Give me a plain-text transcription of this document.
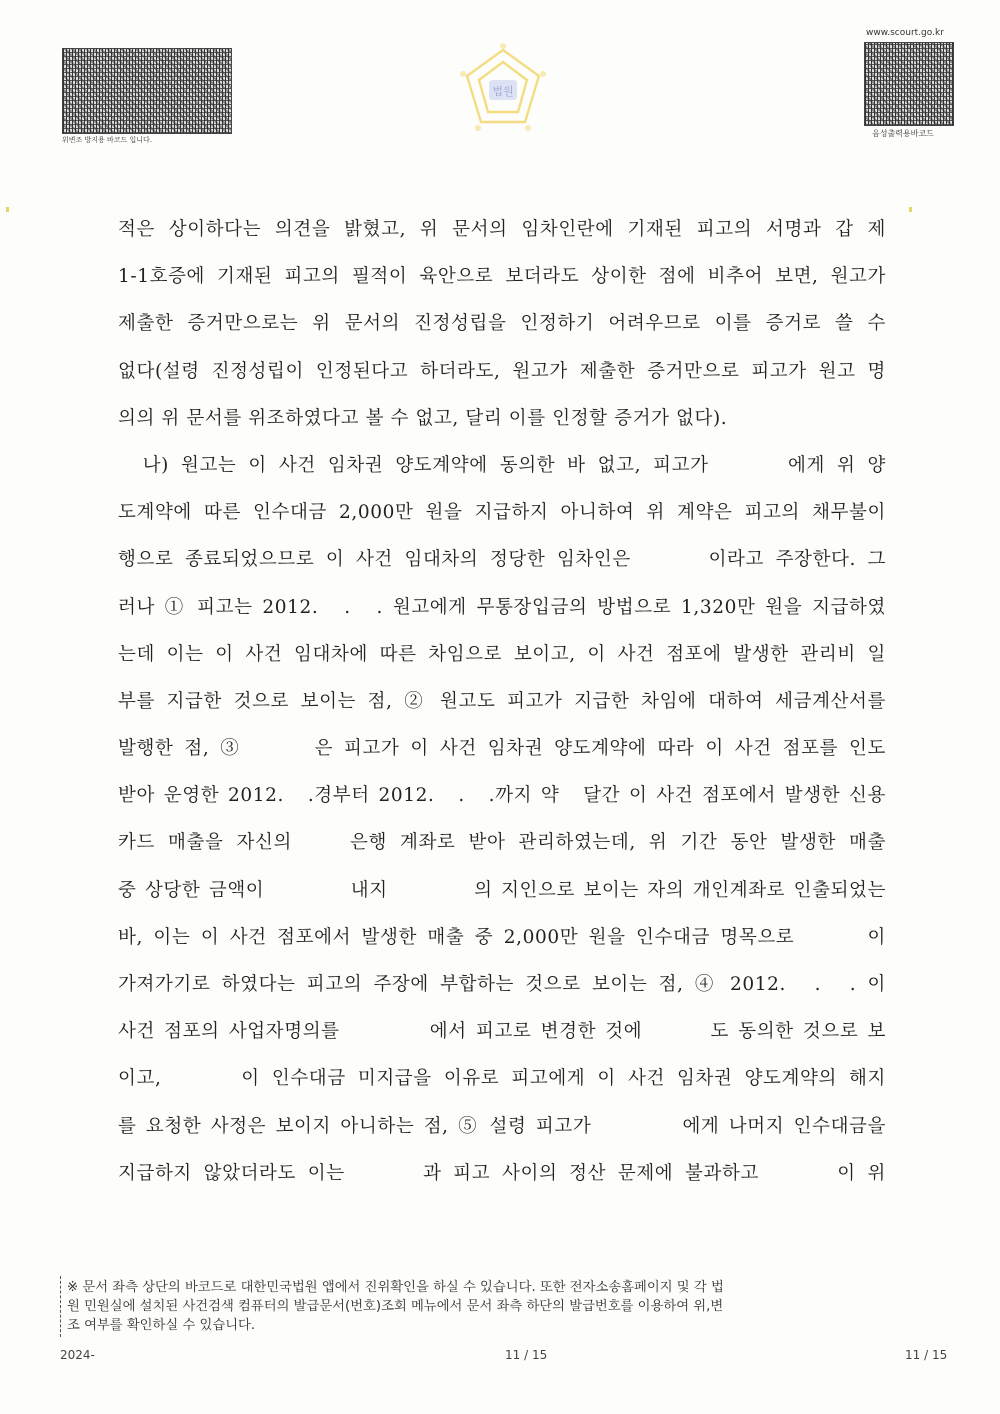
위변조 방지용 바코드 입니다.
www.scourt.go.kr
음성출력용바코드
법원
적은 상이하다는 의견을 밝혔고, 위 문서의 임차인란에 기재된 피고의 서명과 갑 제
1-1호증에 기재된 피고의 필적이 육안으로 보더라도 상이한 점에 비추어 보면, 원고가
제출한 증거만으로는 위 문서의 진정성립을 인정하기 어려우므로 이를 증거로 쓸 수
없다(설령 진정성립이 인정된다고 하더라도, 원고가 제출한 증거만으로 피고가 원고 명
의의 위 문서를 위조하였다고 볼 수 없고, 달리 이를 인정할 증거가 없다).
　나) 원고는 이 사건 임차권 양도계약에 동의한 바 없고, 피고가　　　에게 위 양
도계약에 따른 인수대금 2,000만 원을 지급하지 아니하여 위 계약은 피고의 채무불이
행으로 종료되었으므로 이 사건 임대차의 정당한 임차인은　　　이라고 주장한다. 그
러나 ① 피고는 2012.　.　. 원고에게 무통장입금의 방법으로 1,320만 원을 지급하였
는데 이는 이 사건 임대차에 따른 차임으로 보이고, 이 사건 점포에 발생한 관리비 일
부를 지급한 것으로 보이는 점, ② 원고도 피고가 지급한 차임에 대하여 세금계산서를
발행한 점, ③　　　은 피고가 이 사건 임차권 양도계약에 따라 이 사건 점포를 인도
받아 운영한 2012.　.경부터 2012.　.　.까지 약　달간 이 사건 점포에서 발생한 신용
카드 매출을 자신의　　은행 계좌로 받아 관리하였는데, 위 기간 동안 발생한 매출
중 상당한 금액이　　　　내지　　　　의 지인으로 보이는 자의 개인계좌로 인출되었는
바, 이는 이 사건 점포에서 발생한 매출 중 2,000만 원을 인수대금 명목으로　　　이
가져가기로 하였다는 피고의 주장에 부합하는 것으로 보이는 점, ④ 2012.　.　. 이
사건 점포의 사업자명의를　　　　에서 피고로 변경한 것에　　　도 동의한 것으로 보
이고,　　　이 인수대금 미지급을 이유로 피고에게 이 사건 임차권 양도계약의 해지
를 요청한 사정은 보이지 아니하는 점, ⑤ 설령 피고가　　　　에게 나머지 인수대금을
지급하지 않았더라도 이는　　　과 피고 사이의 정산 문제에 불과하고　　　이 위
※ 문서 좌측 상단의 바코드로 대한민국법원 앱에서 진위확인을 하실 수 있습니다. 또한 전자소송홈페이지 및 각 법
원 민원실에 설치된 사건검색 컴퓨터의 발급문서(번호)조회 메뉴에서 문서 좌측 하단의 발급번호를 이용하여 위,변
조 여부를 확인하실 수 있습니다.
2024-	11 / 15	11 / 15
